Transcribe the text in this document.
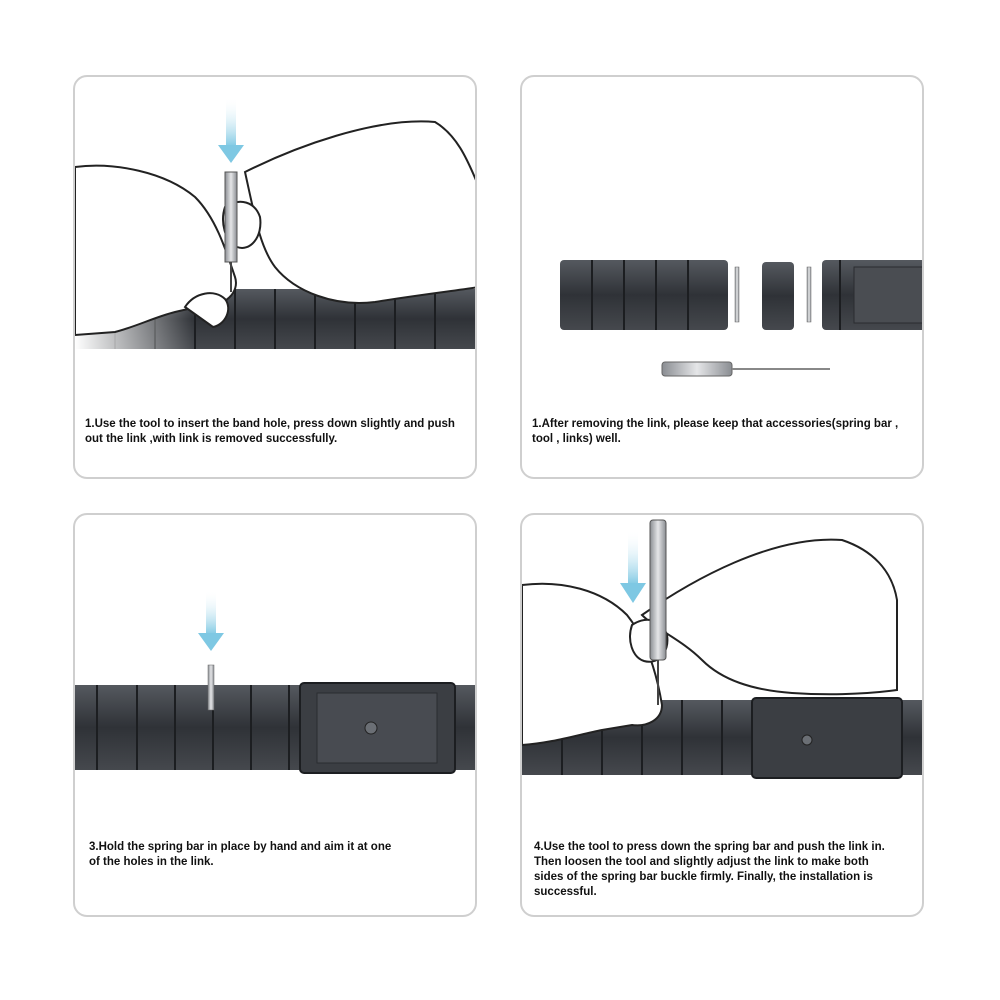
1.Use the tool to insert the band hole, press down slightly and push
out the link ,with link is removed successfully.
1.After removing the link, please keep that accessories(spring bar ,
tool , links) well.
3.Hold the spring bar in place by hand and aim it at one
of the holes in the link.
4.Use the tool to press down the spring bar and push the link in.
Then loosen the tool and slightly adjust the link to make both
sides of the spring bar buckle firmly. Finally, the installation is
successful.
